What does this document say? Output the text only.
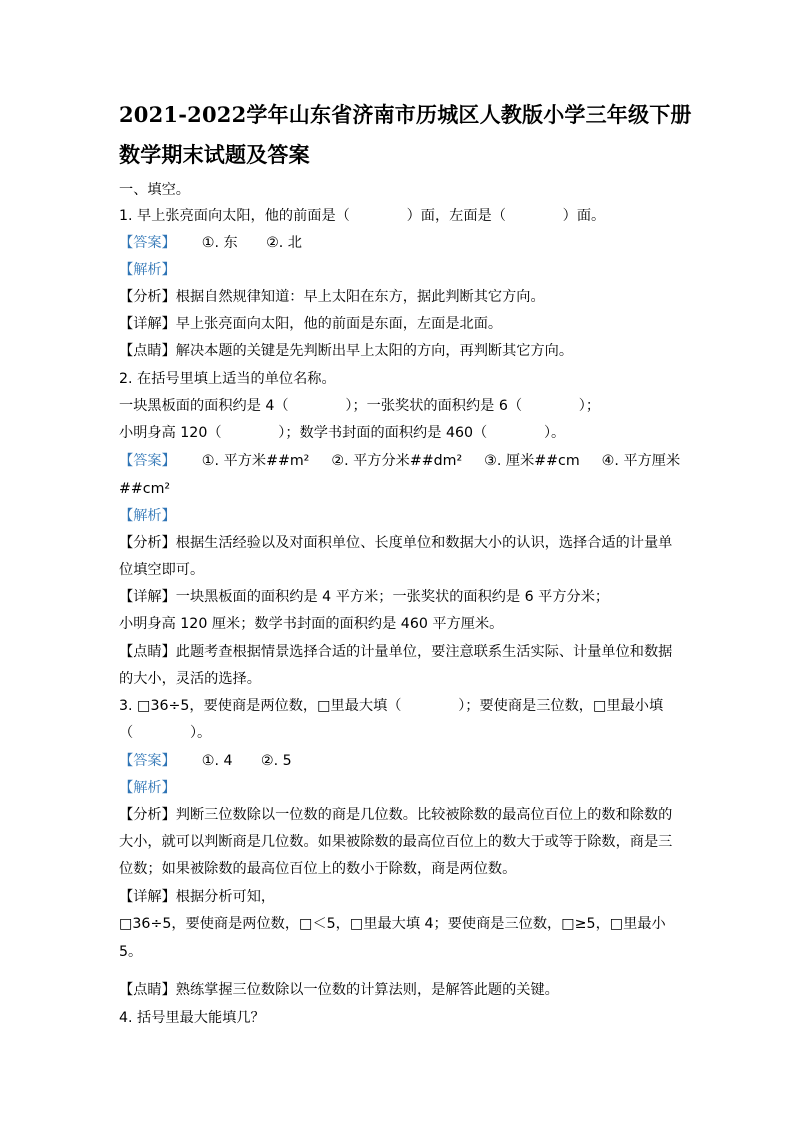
2021-2022学年山东省济南市历城区人教版小学三年级下册
数学期末试题及答案
一、填空。
1. 早上张亮面向太阳，他的前面是（　　　　）面，左面是（　　　　）面。
【答案】 ①. 东　　②. 北
【解析】
【分析】根据自然规律知道：早上太阳在东方，据此判断其它方向。
【详解】早上张亮面向太阳，他的前面是东面，左面是北面。
【点睛】解决本题的关键是先判断出早上太阳的方向，再判断其它方向。
2. 在括号里填上适当的单位名称。
一块黑板面的面积约是 4（　　　　）；一张奖状的面积约是 6（　　　　）；
小明身高 120（　　　　）；数学书封面的面积约是 460（　　　　）。
【答案】 ①. 平方米##m² ②. 平方分米##dm² ③. 厘米##cm ④. 平方厘米
##cm²
【解析】
【分析】根据生活经验以及对面积单位、长度单位和数据大小的认识，选择合适的计量单
位填空即可。
【详解】一块黑板面的面积约是 4 平方米；一张奖状的面积约是 6 平方分米；
小明身高 120 厘米；数学书封面的面积约是 460 平方厘米。
【点睛】此题考查根据情景选择合适的计量单位，要注意联系生活实际、计量单位和数据
的大小，灵活的选择。
3. □36÷5，要使商是两位数，□里最大填（　　　　）；要使商是三位数，□里最小填
（　　　　）。
【答案】 ①. 4　　②. 5
【解析】
【分析】判断三位数除以一位数的商是几位数。比较被除数的最高位百位上的数和除数的
大小，就可以判断商是几位数。如果被除数的最高位百位上的数大于或等于除数，商是三
位数；如果被除数的最高位百位上的数小于除数，商是两位数。
【详解】根据分析可知，
□36÷5，要使商是两位数，□＜5，□里最大填 4；要使商是三位数，□≥5，□里最小
5。
【点睛】熟练掌握三位数除以一位数的计算法则，是解答此题的关键。
4. 括号里最大能填几？
